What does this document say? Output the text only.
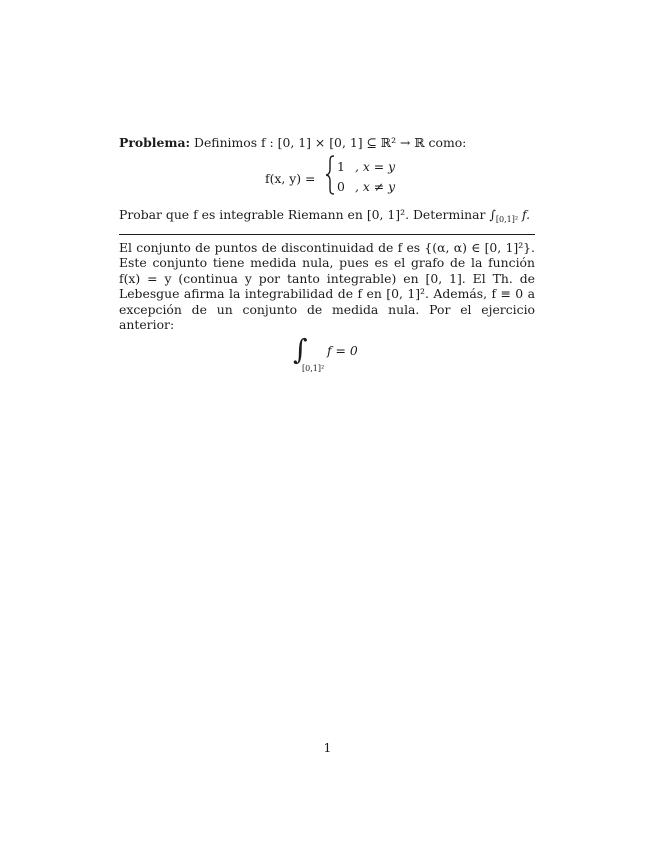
Problema: Definimos f : [0, 1] × [0, 1] ⊆ ℝ² → ℝ como:

f(x, y) =
1 , x = y
0 , x ≠ y

Probar que f es integrable Riemann en [0, 1]². Determinar $\int_{[0,1]^2}$ f.

El conjunto de puntos de discontinuidad de f es {(α, α) ∈ [0, 1]²}. Este conjunto tiene medida nula, pues es el grafo de la función f(x) = y (continua y por tanto integrable) en [0, 1]. El Th. de Lebesgue afirma la integrabilidad de f en [0, 1]². Además, f ≡ 0 a excepción de un conjunto de medida nula. Por el ejercicio anterior:

∫
[0,1]²
f = 0
1
